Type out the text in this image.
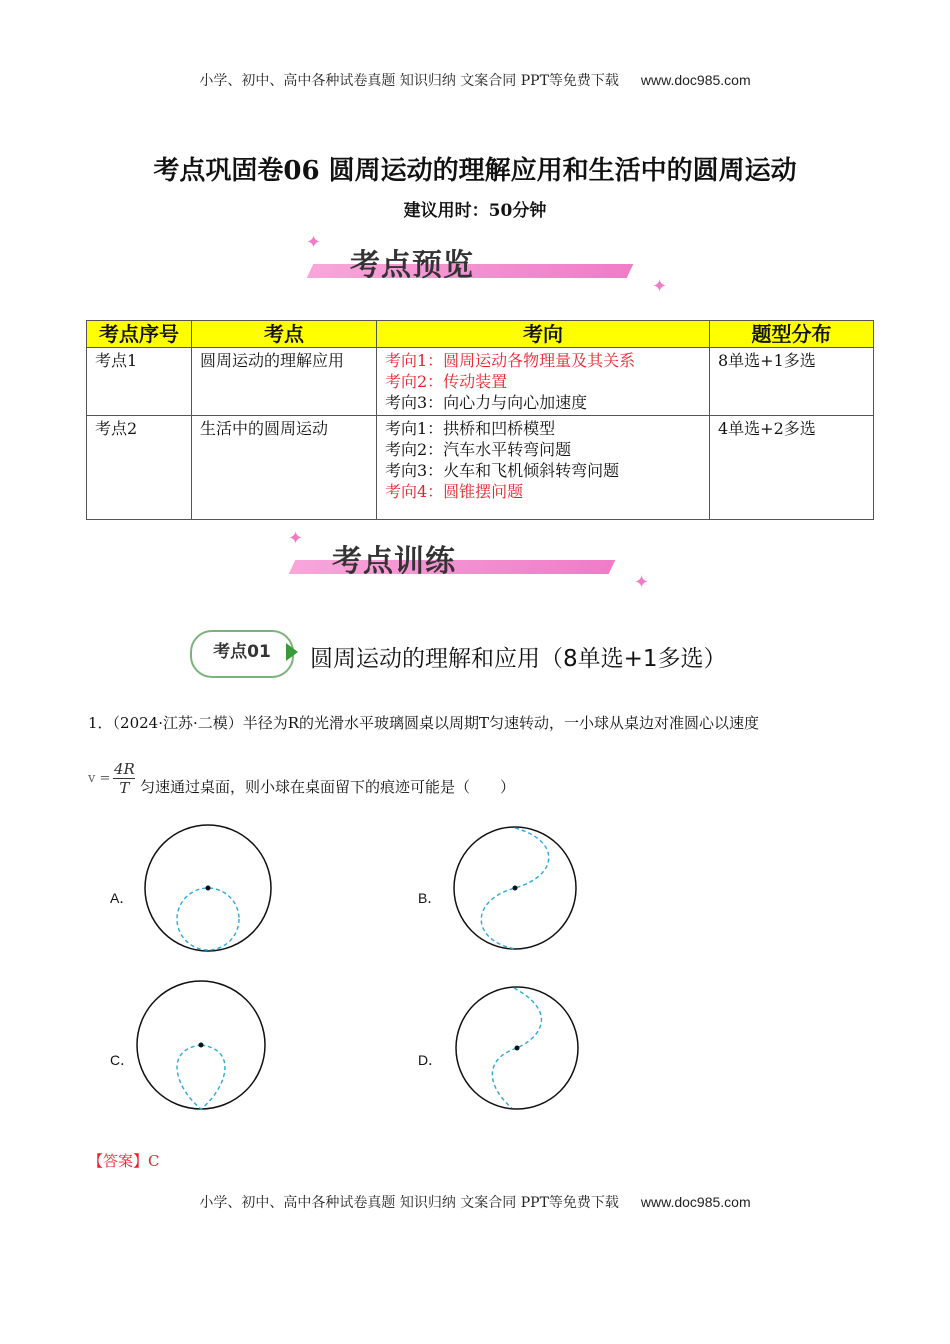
小学、初中、高中各种试卷真题 知识归纳 文案合同 PPT等免费下载 www.doc985.com
考点巩固卷06 圆周运动的理解应用和生活中的圆周运动
建议用时：50分钟
✦
考点预览
✦
考点序号	考点	考向	题型分布
考点1	圆周运动的理解应用	考向1：圆周运动各物理量及其关系
考向2：传动装置
考向3：向心力与向心加速度	8单选+1多选
考点2	生活中的圆周运动	考向1：拱桥和凹桥模型
考向2：汽车水平转弯问题
考向3：火车和飞机倾斜转弯问题
考向4：圆锥摆问题	4单选+2多选
✦
考点训练
✦
考点01	圆周运动的理解和应用（8单选+1多选）
1．（2024·江苏·二模）半径为R的光滑水平玻璃圆桌以周期T匀速转动，一小球从桌边对准圆心以速度
$v = \frac{4R}{T}$ 匀速通过桌面，则小球在桌面留下的痕迹可能是（　　）
A．	B．
C．	D．
【答案】C
小学、初中、高中各种试卷真题 知识归纳 文案合同 PPT等免费下载 www.doc985.com
